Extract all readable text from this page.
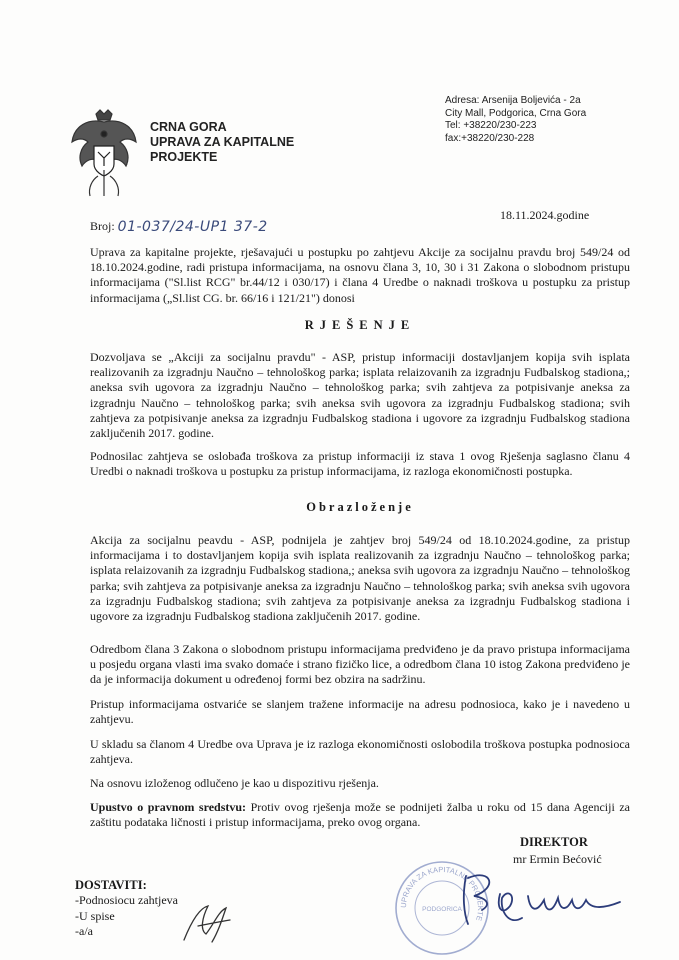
CRNA GORA
UPRAVA ZA KAPITALNE
PROJEKTE
Adresa: Arsenija Boljevića - 2a
City Mall, Podgorica, Crna Gora
Tel: +38220/230-223
fax:+38220/230-228
Broj: 01-037/24-UP1 37-2
18.11.2024.godine
Uprava za kapitalne projekte, rješavajući u postupku po zahtjevu Akcije za socijalnu pravdu broj 549/24 od 18.10.2024.godine, radi pristupa informacijama, na osnovu člana 3, 10, 30 i 31 Zakona o slobodnom pristupu informacijama ("Sl.list RCG" br.44/12 i 030/17) i člana 4 Uredbe o naknadi troškova u postupku za pristup informacijama („Sl.list CG. br. 66/16 i 121/21") donosi
RJEŠENJE
Dozvoljava se „Akciji za socijalnu pravdu" - ASP, pristup informaciji dostavljanjem kopija svih isplata realizovanih za izgradnju Naučno – tehnološkog parka; isplata relaizovanih za izgradnju Fudbalskog stadiona,; aneksa svih ugovora za izgradnju Naučno – tehnološkog parka; svih zahtjeva za potpisivanje aneksa za izgradnju Naučno – tehnološkog parka; svih aneksa svih ugovora za izgradnju Fudbalskog stadiona; svih zahtjeva za potpisivanje aneksa za izgradnju Fudbalskog stadiona i ugovore za izgradnju Fudbalskog stadiona zaključenih 2017. godine.
Podnosilac zahtjeva se oslobađa troškova za pristup informaciji iz stava 1 ovog Rješenja saglasno članu 4 Uredbi o naknadi troškova u postupku za pristup informacijama, iz razloga ekonomičnosti postupka.
Obrazloženje
Akcija za socijalnu peavdu - ASP, podnijela je zahtjev broj 549/24 od 18.10.2024.godine, za pristup informacijama i to dostavljanjem kopija svih isplata realizovanih za izgradnju Naučno – tehnološkog parka; isplata relaizovanih za izgradnju Fudbalskog stadiona,; aneksa svih ugovora za izgradnju Naučno – tehnološkog parka; svih zahtjeva za potpisivanje aneksa za izgradnju Naučno – tehnološkog parka; svih aneksa svih ugovora za izgradnju Fudbalskog stadiona; svih zahtjeva za potpisivanje aneksa za izgradnju Fudbalskog stadiona i ugovore za izgradnju Fudbalskog stadiona zaključenih 2017. godine.
Odredbom člana 3 Zakona o slobodnom pristupu informacijama predviđeno je da pravo pristupa informacijama u posjedu organa vlasti ima svako domaće i strano fizičko lice, a odredbom člana 10 istog Zakona predviđeno je da je informacija dokument u određenoj formi bez obzira na sadržinu.
Pristup informacijama ostvariće se slanjem tražene informacije na adresu podnosioca, kako je i navedeno u zahtjevu.
U skladu sa članom 4 Uredbe ova Uprava je iz razloga ekonomičnosti oslobodila troškova postupka podnosioca zahtjeva.
Na osnovu izloženog odlučeno je kao u dispozitivu rješenja.
Upustvo o pravnom sredstvu: Protiv ovog rješenja može se podnijeti žalba u roku od 15 dana Agenciji za zaštitu podataka ličnosti i pristup informacijama, preko ovog organa.
DIREKTOR
mr Ermin Bećović
UPRAVA ZA KAPITALNE PROJEKTE
PODGORICA
DOSTAVITI:
-Podnosiocu zahtjeva
-U spise
-a/a
